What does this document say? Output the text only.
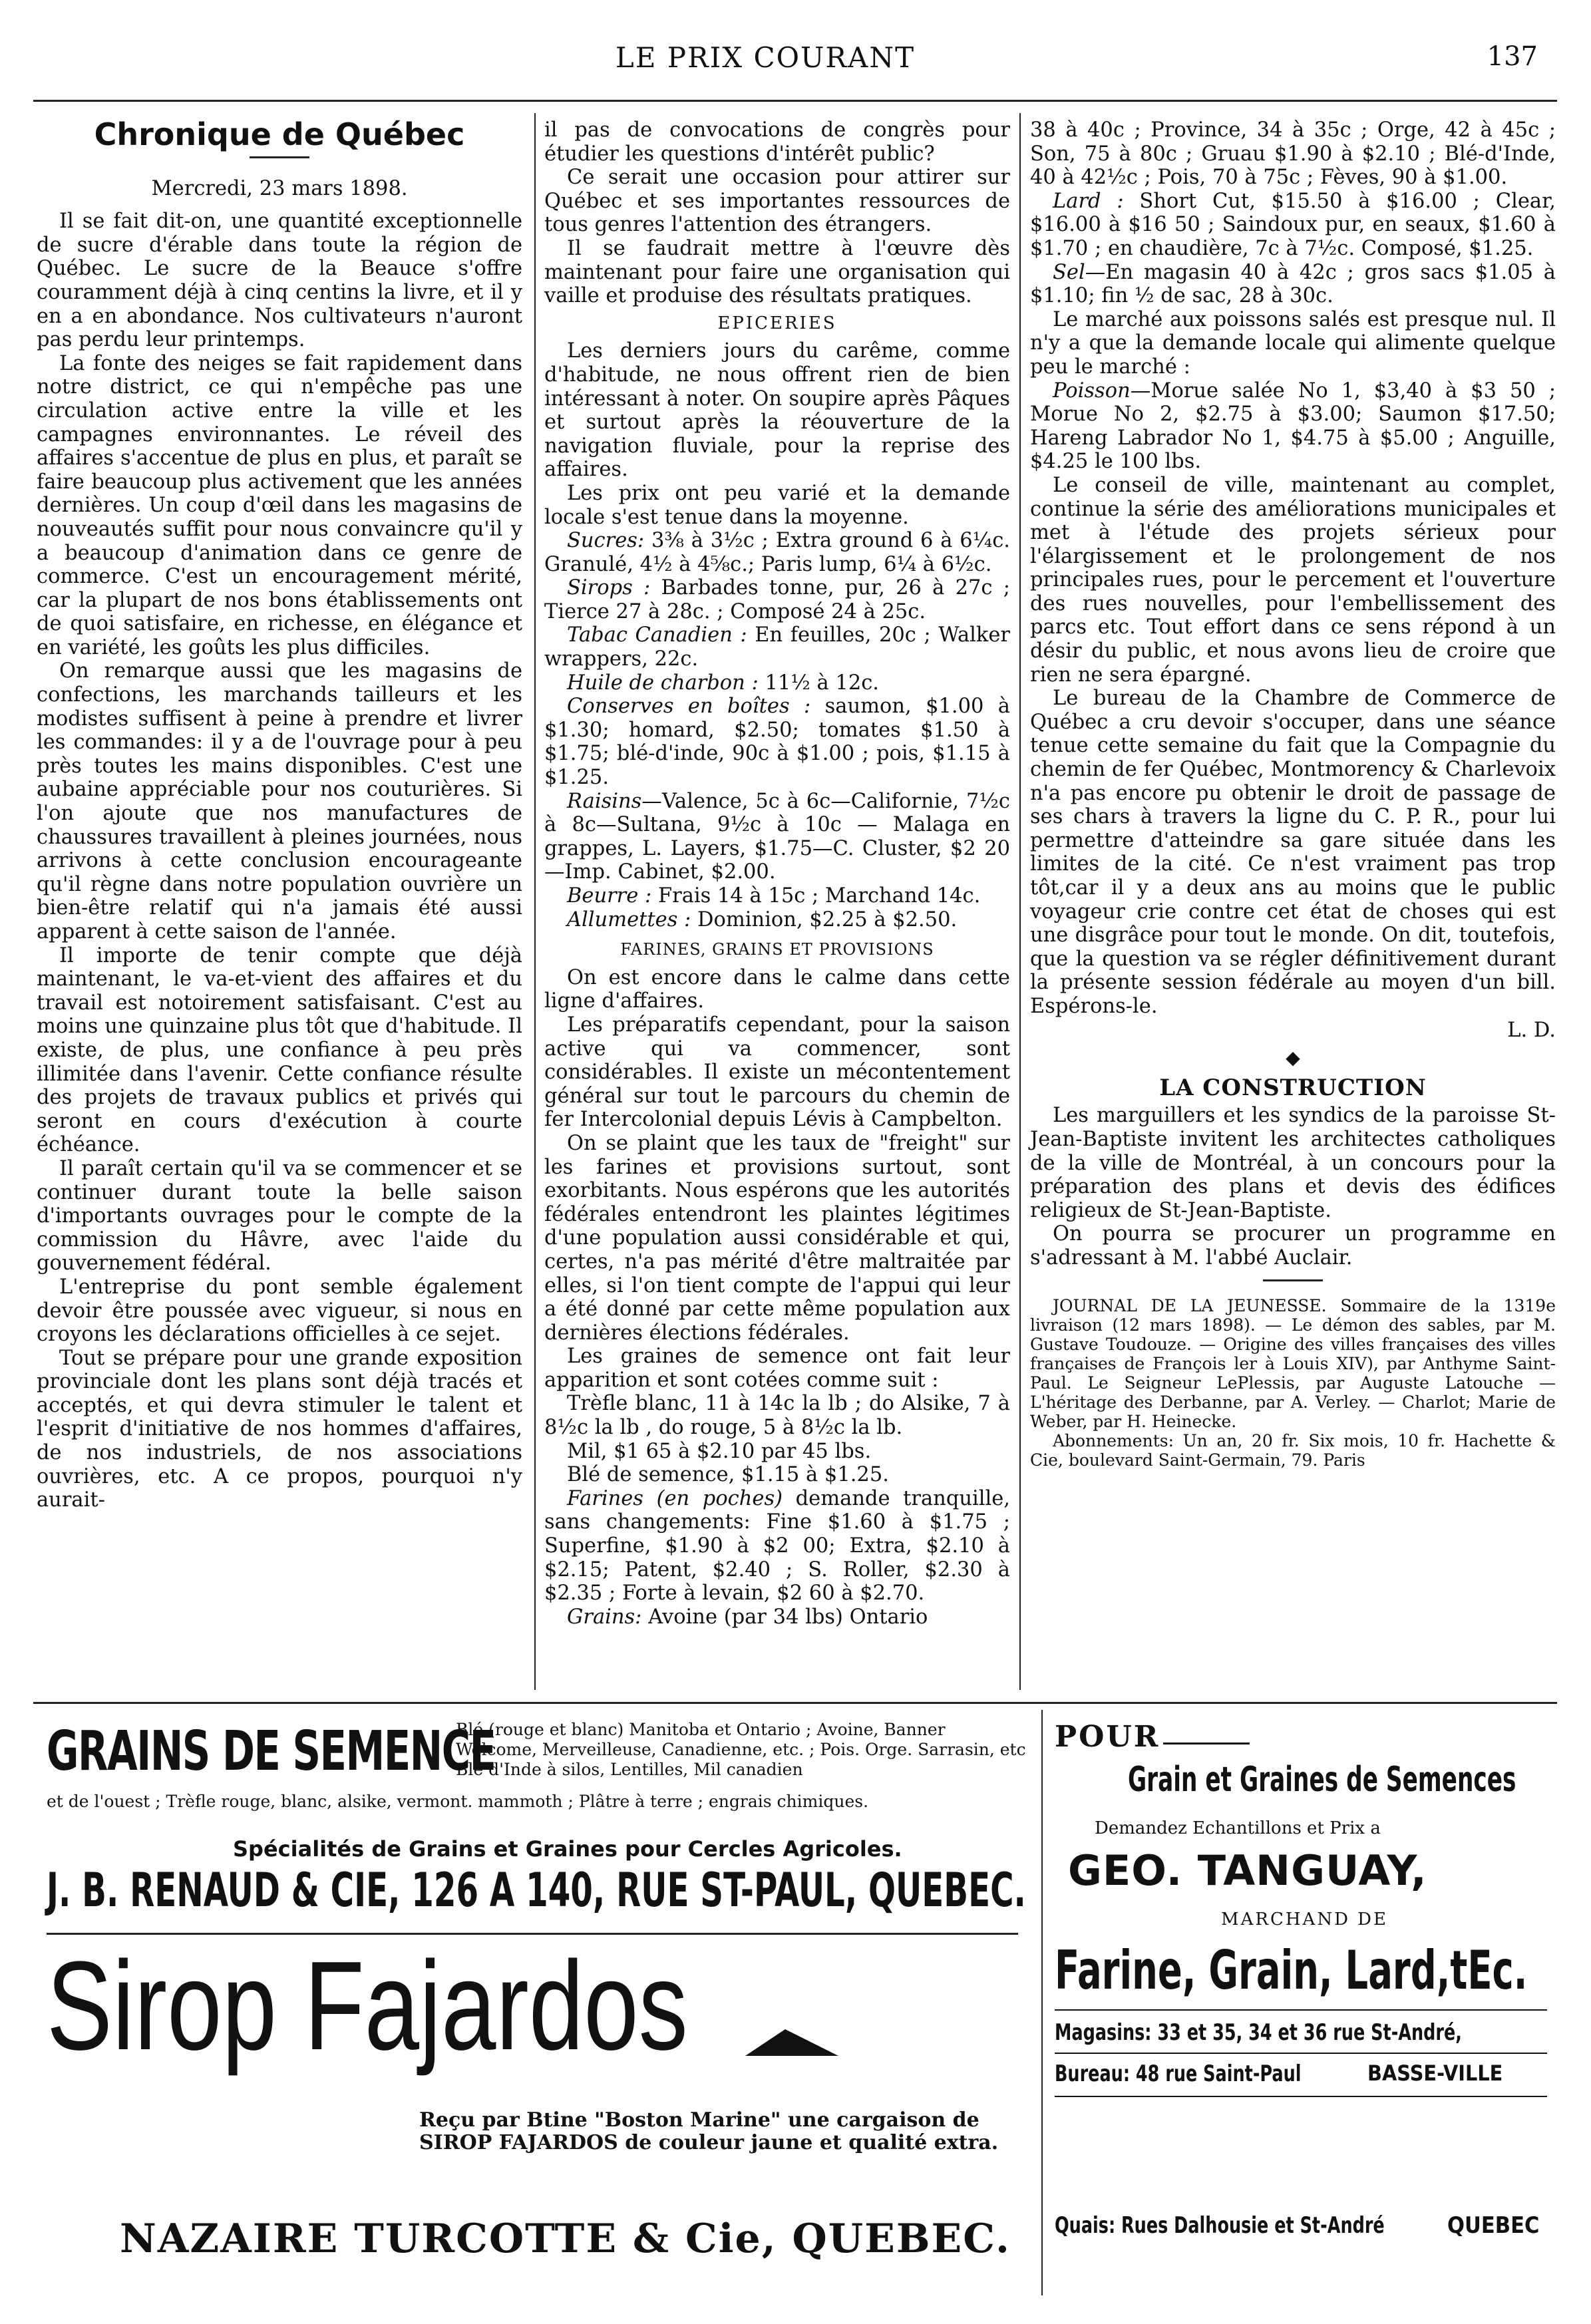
LE PRIX COURANT	137
Chronique de Québec
Mercredi, 23 mars 1898.

Il se fait dit-on, une quantité exceptionnelle de sucre d'érable dans toute la région de Québec. Le sucre de la Beauce s'offre couramment déjà à cinq centins la livre, et il y en a en abondance. Nos cultivateurs n'auront pas perdu leur printemps.

La fonte des neiges se fait rapidement dans notre district, ce qui n'empêche pas une circulation active entre la ville et les campagnes environnantes. Le réveil des affaires s'accentue de plus en plus, et paraît se faire beaucoup plus activement que les années dernières. Un coup d'œil dans les magasins de nouveautés suffit pour nous convaincre qu'il y a beaucoup d'animation dans ce genre de commerce. C'est un encouragement mérité, car la plupart de nos bons établissements ont de quoi satisfaire, en richesse, en élégance et en variété, les goûts les plus difficiles.

On remarque aussi que les magasins de confections, les marchands tailleurs et les modistes suffisent à peine à prendre et livrer les commandes: il y a de l'ouvrage pour à peu près toutes les mains disponibles. C'est une aubaine appréciable pour nos couturières. Si l'on ajoute que nos manufactures de chaussures travaillent à pleines journées, nous arrivons à cette conclusion encourageante qu'il règne dans notre population ouvrière un bien-être relatif qui n'a jamais été aussi apparent à cette saison de l'année.

Il importe de tenir compte que déjà maintenant, le va-et-vient des affaires et du travail est notoirement satisfaisant. C'est au moins une quinzaine plus tôt que d'habitude. Il existe, de plus, une confiance à peu près illimitée dans l'avenir. Cette confiance résulte des projets de travaux publics et privés qui seront en cours d'exécution à courte échéance.

Il paraît certain qu'il va se commencer et se continuer durant toute la belle saison d'importants ouvrages pour le compte de la commission du Hâvre, avec l'aide du gouvernement fédéral.

L'entreprise du pont semble également devoir être poussée avec vigueur, si nous en croyons les déclarations officielles à ce sejet.

Tout se prépare pour une grande exposition provinciale dont les plans sont déjà tracés et acceptés, et qui devra stimuler le talent et l'esprit d'initiative de nos hommes d'affaires, de nos industriels, de nos associations ouvrières, etc. A ce propos, pourquoi n'y aurait-

il pas de convocations de congrès pour étudier les questions d'intérêt public?

Ce serait une occasion pour attirer sur Québec et ses importantes ressources de tous genres l'attention des étrangers.

Il se faudrait mettre à l'œuvre dès maintenant pour faire une organisation qui vaille et produise des résultats pratiques.

EPICERIES

Les derniers jours du carême, comme d'habitude, ne nous offrent rien de bien intéressant à noter. On soupire après Pâques et surtout après la réouverture de la navigation fluviale, pour la reprise des affaires.

Les prix ont peu varié et la demande locale s'est tenue dans la moyenne.

Sucres: 3⅜ à 3½c ; Extra ground 6 à 6¼c. Granulé, 4½ à 4⅝c.; Paris lump, 6¼ à 6½c.

Sirops : Barbades tonne, pur, 26 à 27c ; Tierce 27 à 28c. ; Composé 24 à 25c.

Tabac Canadien : En feuilles, 20c ; Walker wrappers, 22c.

Huile de charbon : 11½ à 12c.

Conserves en boîtes : saumon, $1.00 à $1.30; homard, $2.50; tomates $1.50 à $1.75; blé-d'inde, 90c à $1.00 ; pois, $1.15 à $1.25.

Raisins—Valence, 5c à 6c—Californie, 7½c à 8c—Sultana, 9½c à 10c — Malaga en grappes, L. Layers, $1.75—C. Cluster, $2 20—Imp. Cabinet, $2.00.

Beurre : Frais 14 à 15c ; Marchand 14c.

Allumettes : Dominion, $2.25 à $2.50.

FARINES, GRAINS ET PROVISIONS

On est encore dans le calme dans cette ligne d'affaires.

Les préparatifs cependant, pour la saison active qui va commencer, sont considérables. Il existe un mécontentement général sur tout le parcours du chemin de fer Intercolonial depuis Lévis à Campbelton.

On se plaint que les taux de "freight" sur les farines et provisions surtout, sont exorbitants. Nous espérons que les autorités fédérales entendront les plaintes légitimes d'une population aussi considérable et qui, certes, n'a pas mérité d'être maltraitée par elles, si l'on tient compte de l'appui qui leur a été donné par cette même population aux dernières élections fédérales.

Les graines de semence ont fait leur apparition et sont cotées comme suit :

Trèfle blanc, 11 à 14c la lb ; do Alsike, 7 à 8½c la lb , do rouge, 5 à 8½c la lb.

Mil, $1 65 à $2.10 par 45 lbs.

Blé de semence, $1.15 à $1.25.

Farines (en poches) demande tranquille, sans changements: Fine $1.60 à $1.75 ; Superfine, $1.90 à $2 00; Extra, $2.10 à $2.15; Patent, $2.40 ; S. Roller, $2.30 à $2.35 ; Forte à levain, $2 60 à $2.70.

Grains: Avoine (par 34 lbs) Ontario

38 à 40c ; Province, 34 à 35c ; Orge, 42 à 45c ; Son, 75 à 80c ; Gruau $1.90 à $2.10 ; Blé-d'Inde, 40 à 42½c ; Pois, 70 à 75c ; Fèves, 90 à $1.00.

Lard : Short Cut, $15.50 à $16.00 ; Clear, $16.00 à $16 50 ; Saindoux pur, en seaux, $1.60 à $1.70 ; en chaudière, 7c à 7½c. Composé, $1.25.

Sel—En magasin 40 à 42c ; gros sacs $1.05 à $1.10; fin ½ de sac, 28 à 30c.

Le marché aux poissons salés est presque nul. Il n'y a que la demande locale qui alimente quelque peu le marché :

Poisson—Morue salée No 1, $3,40 à $3 50 ; Morue No 2, $2.75 à $3.00; Saumon $17.50; Hareng Labrador No 1, $4.75 à $5.00 ; Anguille, $4.25 le 100 lbs.

Le conseil de ville, maintenant au complet, continue la série des améliorations municipales et met à l'étude des projets sérieux pour l'élargissement et le prolongement de nos principales rues, pour le percement et l'ouverture des rues nouvelles, pour l'embellissement des parcs etc. Tout effort dans ce sens répond à un désir du public, et nous avons lieu de croire que rien ne sera épargné.

Le bureau de la Chambre de Commerce de Québec a cru devoir s'occuper, dans une séance tenue cette semaine du fait que la Compagnie du chemin de fer Québec, Montmorency & Charlevoix n'a pas encore pu obtenir le droit de passage de ses chars à travers la ligne du C. P. R., pour lui permettre d'atteindre sa gare située dans les limites de la cité. Ce n'est vraiment pas trop tôt,car il y a deux ans au moins que le public voyageur crie contre cet état de choses qui est une disgrâce pour tout le monde. On dit, toutefois, que la question va se régler définitivement durant la présente session fédérale au moyen d'un bill. Espérons-le.

L. D.

◆
LA CONSTRUCTION

Les marguillers et les syndics de la paroisse St-Jean-Baptiste invitent les architectes catholiques de la ville de Montréal, à un concours pour la préparation des plans et devis des édifices religieux de St-Jean-Baptiste.

On pourra se procurer un programme en s'adressant à M. l'abbé Auclair.

JOURNAL DE LA JEUNESSE. Sommaire de la 1319e livraison (12 mars 1898). — Le démon des sables, par M. Gustave Toudouze. — Origine des villes françaises des villes françaises de François ler à Louis XIV), par Anthyme Saint-Paul. Le Seigneur LePlessis, par Auguste Latouche — L'héritage des Derbanne, par A. Verley. — Charlot; Marie de Weber, par H. Heinecke.

Abonnements: Un an, 20 fr. Six mois, 10 fr. Hachette & Cie, boulevard Saint-Germain, 79. Paris

GRAINS DE SEMENCE
Blé (rouge et blanc) Manitoba et Ontario ; Avoine, Banner Welcome, Merveilleuse, Canadienne, etc. ; Pois. Orge. Sarrasin, etc Blé d'Inde à silos, Lentilles, Mil canadien
et de l'ouest ; Trèfle rouge, blanc, alsike, vermont. mammoth ; Plâtre à terre ; engrais chimiques.
Spécialités de Grains et Graines pour Cercles Agricoles.
J. B. RENAUD & CIE, 126 A 140, RUE ST-PAUL, QUEBEC.
Sirop Fajardos
Reçu par Btine "Boston Marine" une cargaison de SIROP FAJARDOS de couleur jaune et qualité extra.
NAZAIRE TURCOTTE & Cie, QUEBEC.
POUR
Grain et Graines de Semences
Demandez Echantillons et Prix a
GEO. TANGUAY,
MARCHAND DE
Farine, Grain, Lard,tEc.
Magasins: 33 et 35, 34 et 36 rue St-André,
Bureau: 48 rue Saint-Paul	BASSE-VILLE
Quais: Rues Dalhousie et St-André	QUEBEC
